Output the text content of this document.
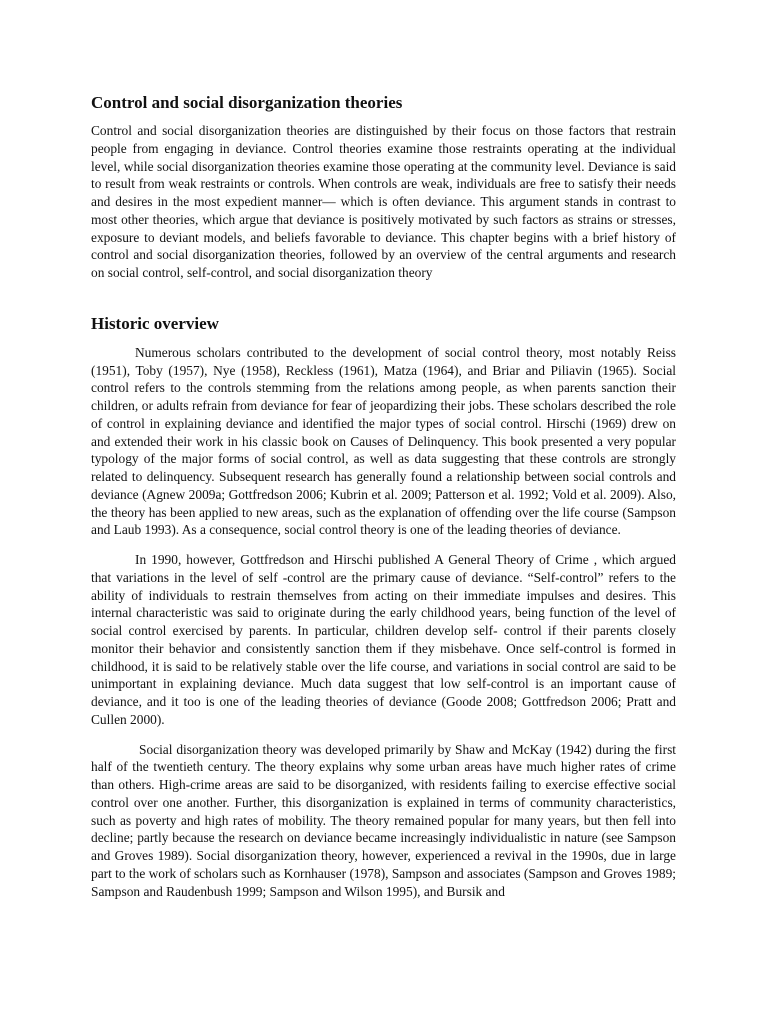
Control and social disorganization theories

Control and social disorganization theories are distinguished by their focus on those factors that restrain people from engaging in deviance. Control theories examine those restraints operating at the individual level, while social disorganization theories examine those operating at the community level. Deviance is said to result from weak restraints or controls. When controls are weak, individuals are free to satisfy their needs and desires in the most expedient manner— which is often deviance. This argument stands in contrast to most other theories, which argue that deviance is positively motivated by such factors as strains or stresses, exposure to deviant models, and beliefs favorable to deviance. This chapter begins with a brief history of control and social disorganization theories, followed by an overview of the central arguments and research on social control, self-control, and social disorganization theory

Historic overview

Numerous scholars contributed to the development of social control theory, most notably Reiss (1951), Toby (1957), Nye (1958), Reckless (1961), Matza (1964), and Briar and Piliavin (1965). Social control refers to the controls stemming from the relations among people, as when parents sanction their children, or adults refrain from deviance for fear of jeopardizing their jobs. These scholars described the role of control in explaining deviance and identified the major types of social control. Hirschi (1969) drew on and extended their work in his classic book on Causes of Delinquency. This book presented a very popular typology of the major forms of social control, as well as data suggesting that these controls are strongly related to delinquency. Subsequent research has generally found a relationship between social controls and deviance (Agnew 2009a; Gottfredson 2006; Kubrin et al. 2009; Patterson et al. 1992; Vold et al. 2009). Also, the theory has been applied to new areas, such as the explanation of offending over the life course (Sampson and Laub 1993). As a consequence, social control theory is one of the leading theories of deviance.

In 1990, however, Gottfredson and Hirschi published A General Theory of Crime , which argued that variations in the level of self -control are the primary cause of deviance. “Self-control” refers to the ability of individuals to restrain themselves from acting on their immediate impulses and desires. This internal characteristic was said to originate during the early childhood years, being function of the level of social control exercised by parents. In particular, children develop self- control if their parents closely monitor their behavior and consistently sanction them if they misbehave. Once self-control is formed in childhood, it is said to be relatively stable over the life course, and variations in social control are said to be unimportant in explaining deviance. Much data suggest that low self-control is an important cause of deviance, and it too is one of the leading theories of deviance (Goode 2008; Gottfredson 2006; Pratt and Cullen 2000).

Social disorganization theory was developed primarily by Shaw and McKay (1942) during the first half of the twentieth century. The theory explains why some urban areas have much higher rates of crime than others. High-crime areas are said to be disorganized, with residents failing to exercise effective social control over one another. Further, this disorganization is explained in terms of community characteristics, such as poverty and high rates of mobility. The theory remained popular for many years, but then fell into decline; partly because the research on deviance became increasingly individualistic in nature (see Sampson and Groves 1989). Social disorganization theory, however, experienced a revival in the 1990s, due in large part to the work of scholars such as Kornhauser (1978), Sampson and associates (Sampson and Groves 1989; Sampson and Raudenbush 1999; Sampson and Wilson 1995), and Bursik and
